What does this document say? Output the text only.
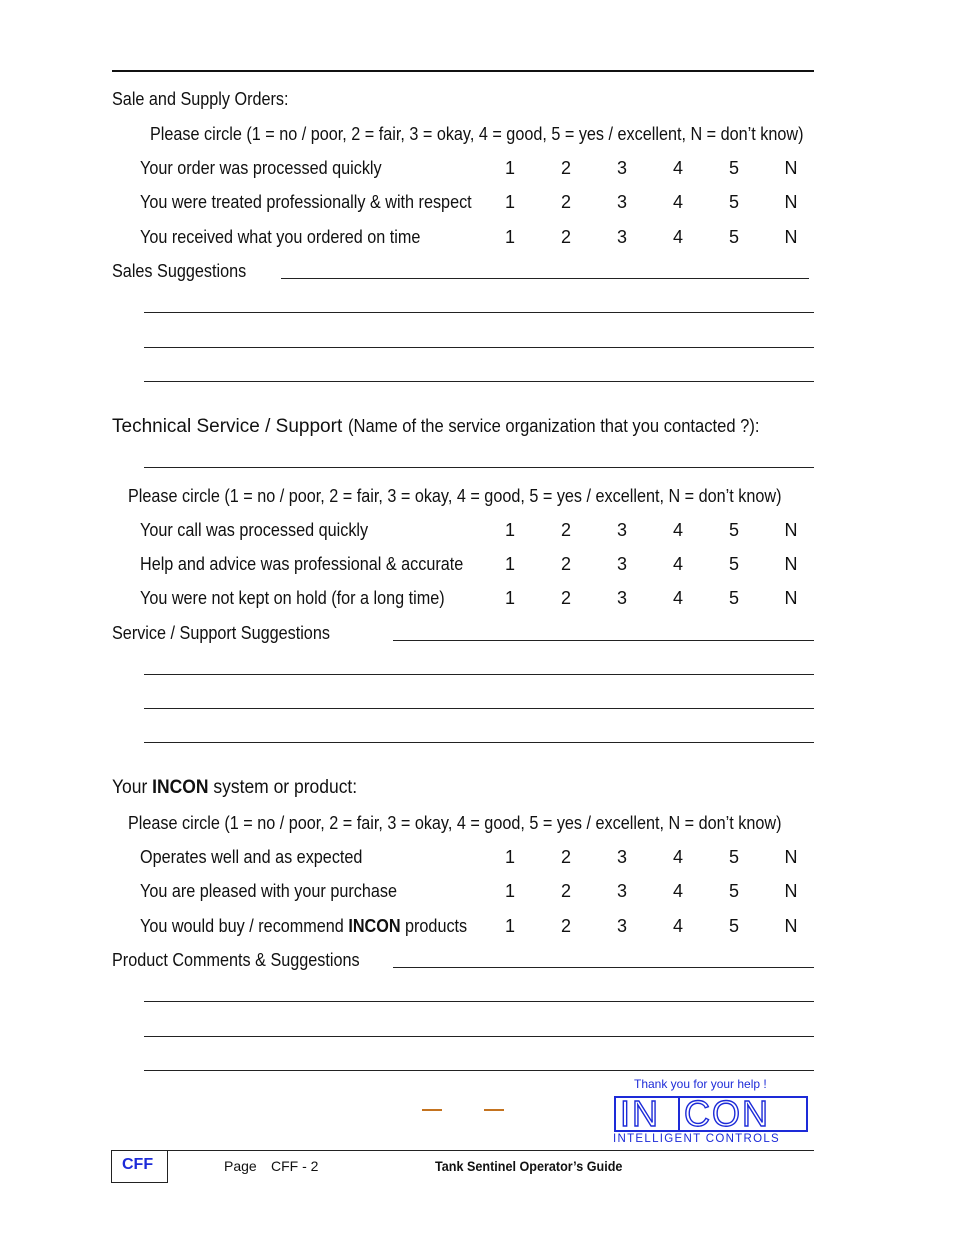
Sale and Supply Orders:
Please circle (1 = no / poor, 2 = fair, 3 = okay, 4 = good, 5 = yes / excellent, N = don’t know)
Your order was processed quickly	1	2	3	4	5	N
You were treated professionally & with respect 1	2	3	4	5	N
You received what you ordered on time	1	2	3	4	5	N
Sales Suggestions
Technical Service / Support (Name of the service organization that you contacted ?):
Please circle (1 = no / poor, 2 = fair, 3 = okay, 4 = good, 5 = yes / excellent, N = don’t know)
Your call was processed quickly	1	2	3	4	5	N
Help and advice was professional & accurate 1	2	3	4	5	N
You were not kept on hold (for a long time)	1	2	3	4	5	N
Service / Support Suggestions
Your INCON system or product:
Please circle (1 = no / poor, 2 = fair, 3 = okay, 4 = good, 5 = yes / excellent, N = don’t know)
Operates well and as expected	1	2	3	4	5	N
You are pleased with your purchase	1	2	3	4	5	N
You would buy / recommend INCON products 1	2	3	4	5	N
Product Comments & Suggestions
Thank you for your help !
IN CON
INTELLIGENT CONTROLS
CFF	Page CFF - 2	Tank Sentinel Operator’s Guide
